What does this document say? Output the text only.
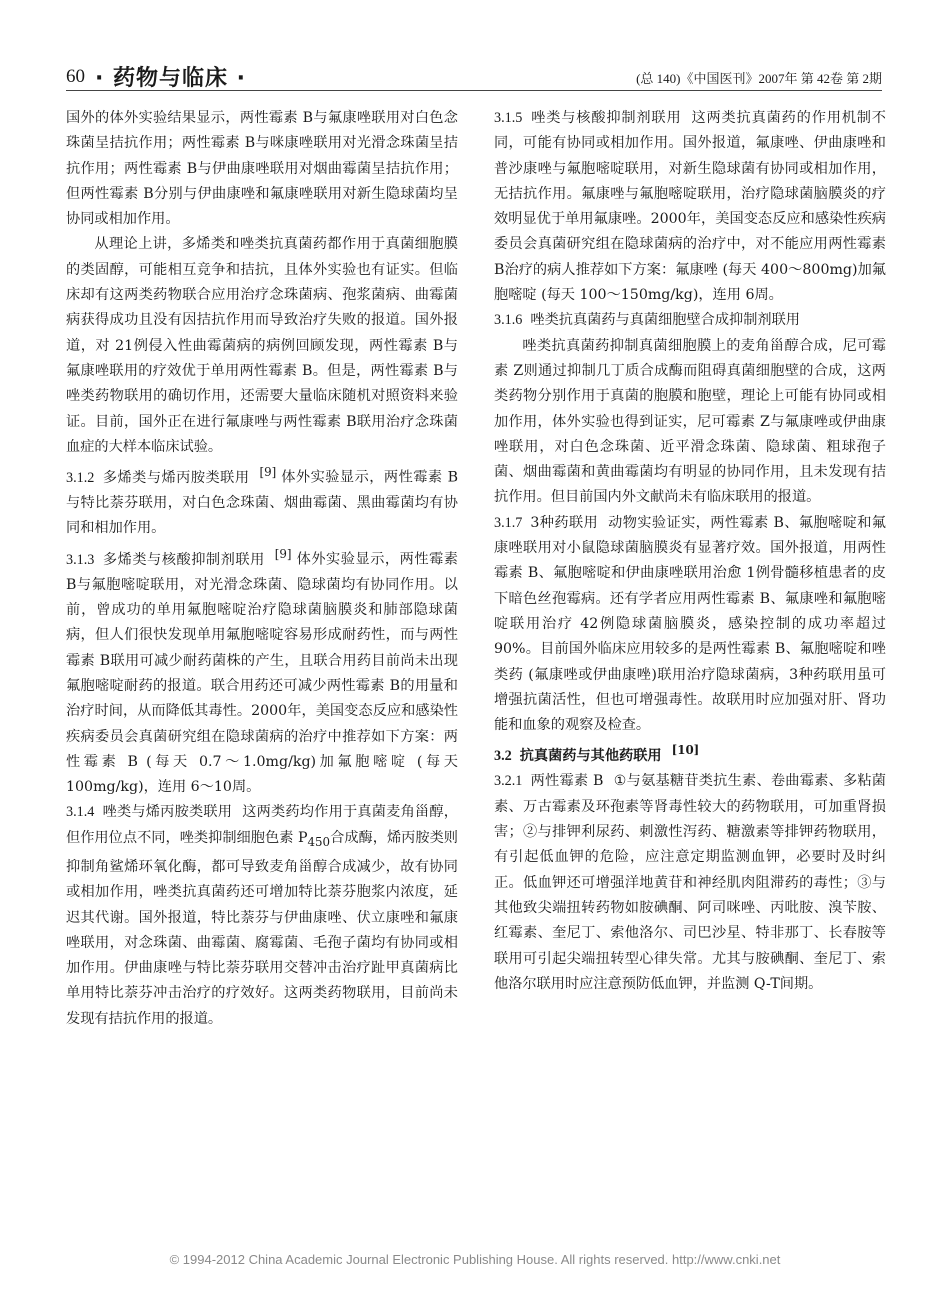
60 · 药物与临床 ·	(总 140)《中国医刊》2007年 第 42卷 第 2期

国外的体外实验结果显示，两性霉素 B与氟康唑联用对白色念珠菌呈拮抗作用；两性霉素 B与咪康唑联用对光滑念珠菌呈拮抗作用；两性霉素 B与伊曲康唑联用对烟曲霉菌呈拮抗作用；但两性霉素 B分别与伊曲康唑和氟康唑联用对新生隐球菌均呈协同或相加作用。

从理论上讲，多烯类和唑类抗真菌药都作用于真菌细胞膜的类固醇，可能相互竞争和拮抗，且体外实验也有证实。但临床却有这两类药物联合应用治疗念珠菌病、孢浆菌病、曲霉菌病获得成功且没有因拮抗作用而导致治疗失败的报道。国外报道，对 21例侵入性曲霉菌病的病例回顾发现，两性霉素 B与氟康唑联用的疗效优于单用两性霉素 B。但是，两性霉素 B与唑类药物联用的确切作用，还需要大量临床随机对照资料来验证。目前，国外正在进行氟康唑与两性霉素 B联用治疗念珠菌血症的大样本临床试验。

3.1.2 多烯类与烯丙胺类联用 [9] 体外实验显示，两性霉素 B与特比萘芬联用，对白色念珠菌、烟曲霉菌、黑曲霉菌均有协同和相加作用。

3.1.3 多烯类与核酸抑制剂联用 [9] 体外实验显示，两性霉素 B与氟胞嘧啶联用，对光滑念珠菌、隐球菌均有协同作用。以前，曾成功的单用氟胞嘧啶治疗隐球菌脑膜炎和肺部隐球菌病，但人们很快发现单用氟胞嘧啶容易形成耐药性，而与两性霉素 B联用可减少耐药菌株的产生，且联合用药目前尚未出现氟胞嘧啶耐药的报道。联合用药还可减少两性霉素 B的用量和治疗时间，从而降低其毒性。2000年，美国变态反应和感染性疾病委员会真菌研究组在隐球菌病的治疗中推荐如下方案：两性霉素 B (每天 0.7～1.0mg/kg)加氟胞嘧啶 (每天 100mg/kg)，连用 6～10周。

3.1.4 唑类与烯丙胺类联用 这两类药均作用于真菌麦角甾醇，但作用位点不同，唑类抑制细胞色素 $P_{450}$合成酶，烯丙胺类则抑制角鲨烯环氧化酶，都可导致麦角甾醇合成减少，故有协同或相加作用，唑类抗真菌药还可增加特比萘芬胞浆内浓度，延迟其代谢。国外报道，特比萘芬与伊曲康唑、伏立康唑和氟康唑联用，对念珠菌、曲霉菌、腐霉菌、毛孢子菌均有协同或相加作用。伊曲康唑与特比萘芬联用交替冲击治疗趾甲真菌病比单用特比萘芬冲击治疗的疗效好。这两类药物联用，目前尚未发现有拮抗作用的报道。

3.1.5 唑类与核酸抑制剂联用 这两类抗真菌药的作用机制不同，可能有协同或相加作用。国外报道，氟康唑、伊曲康唑和普沙康唑与氟胞嘧啶联用，对新生隐球菌有协同或相加作用，无拮抗作用。氟康唑与氟胞嘧啶联用，治疗隐球菌脑膜炎的疗效明显优于单用氟康唑。2000年，美国变态反应和感染性疾病委员会真菌研究组在隐球菌病的治疗中，对不能应用两性霉素 B治疗的病人推荐如下方案：氟康唑 (每天 400～800mg)加氟胞嘧啶 (每天 100～150mg/kg)，连用 6周。

3.1.6 唑类抗真菌药与真菌细胞壁合成抑制剂联用

唑类抗真菌药抑制真菌细胞膜上的麦角甾醇合成，尼可霉素 Z则通过抑制几丁质合成酶而阻碍真菌细胞壁的合成，这两类药物分别作用于真菌的胞膜和胞壁，理论上可能有协同或相加作用，体外实验也得到证实，尼可霉素 Z与氟康唑或伊曲康唑联用，对白色念珠菌、近平滑念珠菌、隐球菌、粗球孢子菌、烟曲霉菌和黄曲霉菌均有明显的协同作用，且未发现有拮抗作用。但目前国内外文献尚未有临床联用的报道。

3.1.7 3种药联用 动物实验证实，两性霉素 B、氟胞嘧啶和氟康唑联用对小鼠隐球菌脑膜炎有显著疗效。国外报道，用两性霉素 B、氟胞嘧啶和伊曲康唑联用治愈 1例骨髓移植患者的皮下暗色丝孢霉病。还有学者应用两性霉素 B、氟康唑和氟胞嘧啶联用治疗 42例隐球菌脑膜炎，感染控制的成功率超过 90%。目前国外临床应用较多的是两性霉素 B、氟胞嘧啶和唑类药 (氟康唑或伊曲康唑)联用治疗隐球菌病，3种药联用虽可增强抗菌活性，但也可增强毒性。故联用时应加强对肝、肾功能和血象的观察及检查。

3.2 抗真菌药与其他药联用 [10]

3.2.1 两性霉素 B ①与氨基糖苷类抗生素、卷曲霉素、多粘菌素、万古霉素及环孢素等肾毒性较大的药物联用，可加重肾损害；②与排钾利尿药、刺激性泻药、糖激素等排钾药物联用，有引起低血钾的危险，应注意定期监测血钾，必要时及时纠正。低血钾还可增强洋地黄苷和神经肌肉阻滞药的毒性；③与其他致尖端扭转药物如胺碘酮、阿司咪唑、丙吡胺、溴苄胺、红霉素、奎尼丁、索他洛尔、司巴沙星、特非那丁、长春胺等联用可引起尖端扭转型心律失常。尤其与胺碘酮、奎尼丁、索他洛尔联用时应注意预防低血钾，并监测 Q-T间期。

© 1994-2012 China Academic Journal Electronic Publishing House. All rights reserved. http://www.cnki.net
